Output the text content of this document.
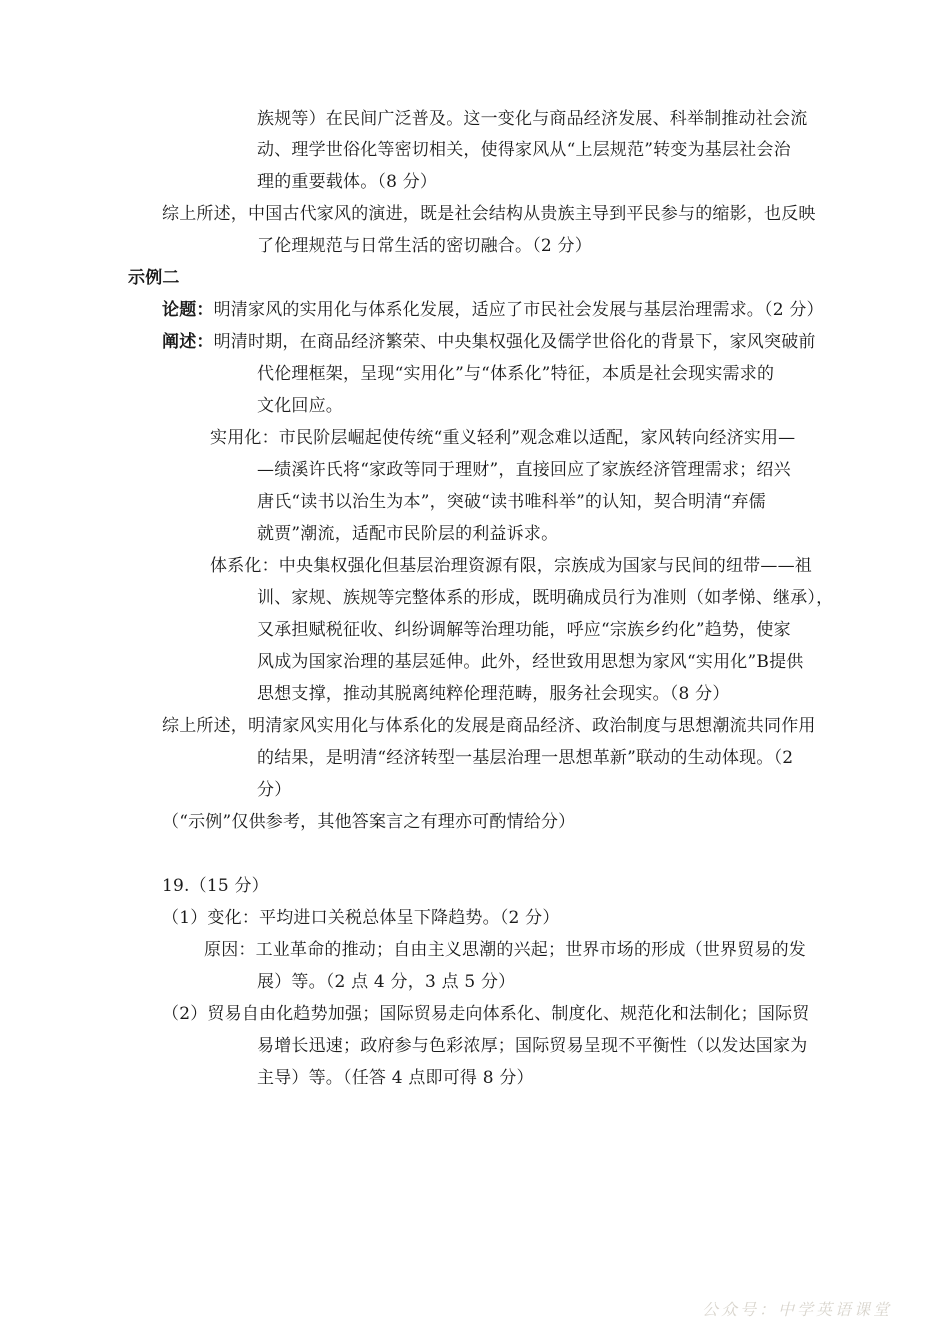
族规等）在民间广泛普及。这一变化与商品经济发展、科举制推动社会流
动、理学世俗化等密切相关，使得家风从“上层规范”转变为基层社会治
理的重要载体。（8 分）
综上所述，中国古代家风的演进，既是社会结构从贵族主导到平民参与的缩影，也反映
了伦理规范与日常生活的密切融合。（2 分）
示例二
论题：明清家风的实用化与体系化发展，适应了市民社会发展与基层治理需求。（2 分）
阐述：明清时期，在商品经济繁荣、中央集权强化及儒学世俗化的背景下，家风突破前
代伦理框架，呈现“实用化”与“体系化”特征，本质是社会现实需求的
文化回应。
实用化：市民阶层崛起使传统“重义轻利”观念难以适配，家风转向经济实用—
—绩溪许氏将“家政等同于理财”，直接回应了家族经济管理需求；绍兴
唐氏“读书以治生为本”，突破“读书唯科举”的认知，契合明清“弃儒
就贾”潮流，适配市民阶层的利益诉求。
体系化：中央集权强化但基层治理资源有限，宗族成为国家与民间的纽带——祖
训、家规、族规等完整体系的形成，既明确成员行为准则（如孝悌、继承），
又承担赋税征收、纠纷调解等治理功能，呼应“宗族乡约化”趋势，使家
风成为国家治理的基层延伸。此外，经世致用思想为家风“实用化”B提供
思想支撑，推动其脱离纯粹伦理范畴，服务社会现实。（8 分）
综上所述，明清家风实用化与体系化的发展是商品经济、政治制度与思想潮流共同作用
的结果，是明清“经济转型一基层治理一思想革新”联动的生动体现。（2
分）
（“示例”仅供参考，其他答案言之有理亦可酌情给分）
19.（15 分）
（1）变化：平均进口关税总体呈下降趋势。（2 分）
原因：工业革命的推动；自由主义思潮的兴起；世界市场的形成（世界贸易的发
展）等。（2 点 4 分，3 点 5 分）
（2）贸易自由化趋势加强；国际贸易走向体系化、制度化、规范化和法制化；国际贸
易增长迅速；政府参与色彩浓厚；国际贸易呈现不平衡性（以发达国家为
主导）等。（任答 4 点即可得 8 分）
公众号：中学英语课堂
